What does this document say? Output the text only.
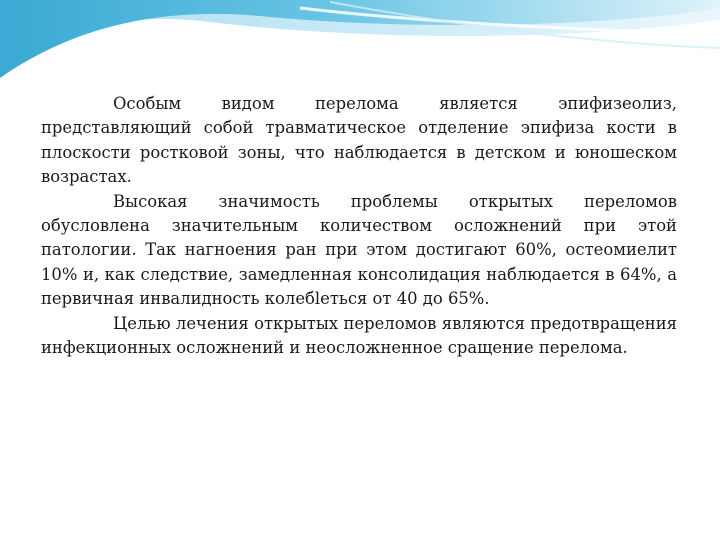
Особым видом перелома является эпифизеолиз, представляющий собой травматическое отделение эпифиза кости в плоскости ростковой зоны, что наблюдается в детском и юношеском возрастах.

Высокая значимость проблемы открытых переломов обусловлена значительным количеством осложнений при этой патологии. Так нагноения ран при этом достигают 60%, остеомиелит 10% и, как следствие, замедленная консолидация наблюдается в 64%, а первичная инвалидность колебleться от 40 до 65%.

Целью лечения открытых переломов являются предотвращения инфекционных осложнений и неосложненное сращение перелома.
